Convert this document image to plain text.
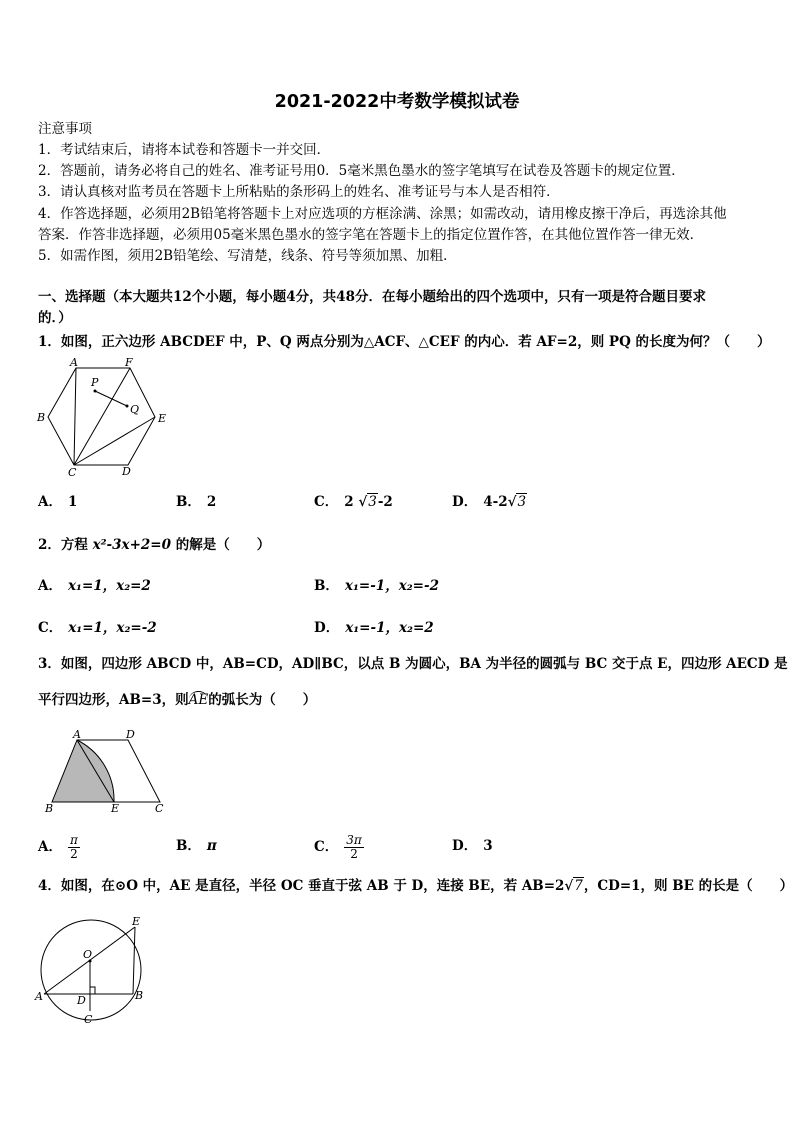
2021-2022中考数学模拟试卷
注意事项
1．考试结束后，请将本试卷和答题卡一并交回．
2．答题前，请务必将自己的姓名、准考证号用0．5毫米黑色墨水的签字笔填写在试卷及答题卡的规定位置．
3．请认真核对监考员在答题卡上所粘贴的条形码上的姓名、准考证号与本人是否相符．
4．作答选择题，必须用2B铅笔将答题卡上对应选项的方框涂满、涂黑；如需改动，请用橡皮擦干净后，再选涂其他
答案．作答非选择题，必须用05毫米黑色墨水的签字笔在答题卡上的指定位置作答，在其他位置作答一律无效．
5．如需作图，须用2B铅笔绘、写清楚，线条、符号等须加黑、加粗．
一、选择题（本大题共12个小题，每小题4分，共48分．在每小题给出的四个选项中，只有一项是符合题目要求
的．）
1．如图，正六边形 ABCDEF 中，P、Q 两点分别为△ACF、△CEF 的内心．若 AF=2，则 PQ 的长度为何？（　　）
A	F
P
Q
B	E
C	D
A． 1	B． 2	C． 2 √3-2	D． 4-2√3
2．方程 x²-3x+2=0 的解是（　　）
A． x₁=1，x₂=2	B． x₁=-1，x₂=-2
C． x₁=1，x₂=-2	D． x₁=-1，x₂=2
3．如图，四边形 ABCD 中，AB=CD，AD∥BC，以点 B 为圆心，BA 为半径的圆弧与 BC 交于点 E，四边形 AECD 是
平行四边形，AB=3，则AE的弧长为（　　）
A	D
B	E	C
A． $\frac{\pi}{2}$	B． π	C． $\frac{3\pi}{2}$	D． 3
4．如图，在⊙O 中，AE 是直径，半径 OC 垂直于弦 AB 于 D，连接 BE，若 AB=2√7，CD=1，则 BE 的长是（　　）
E
O
A	D	B
C
